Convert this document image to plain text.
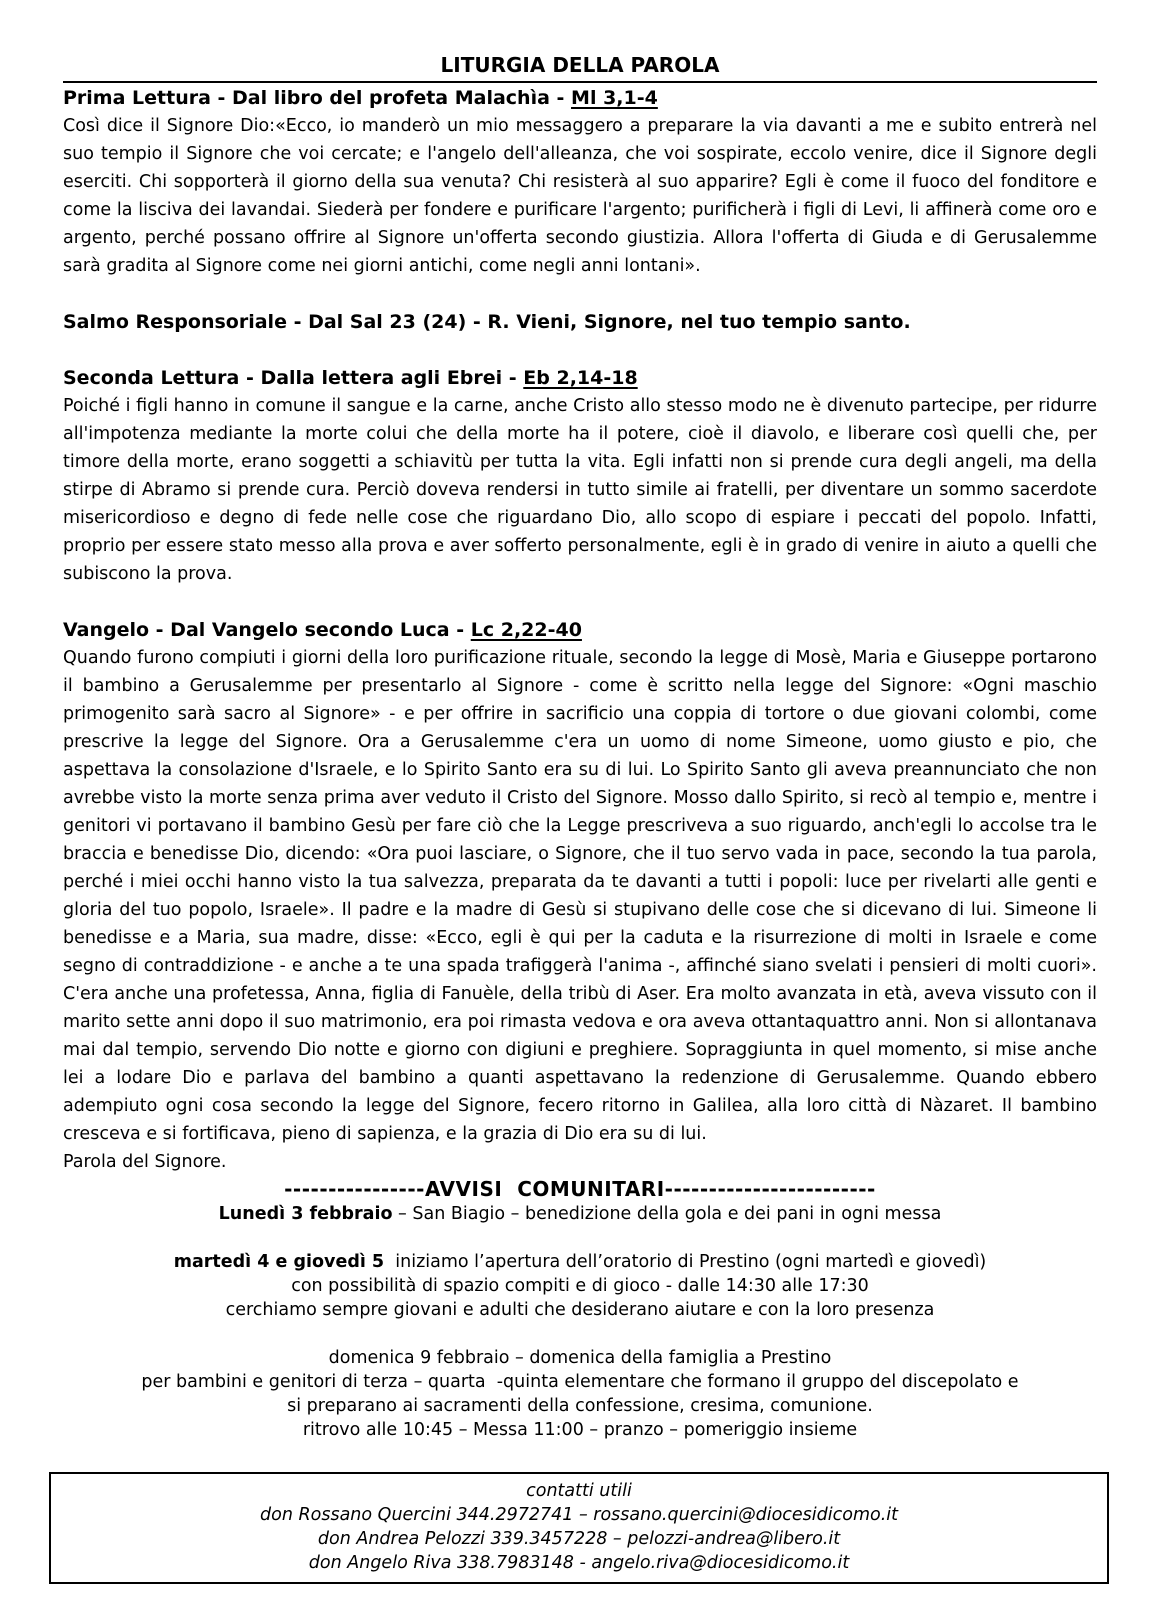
LITURGIA DELLA PAROLA
Prima Lettura - Dal libro del profeta Malachìa - Ml 3,1-4

Così dice il Signore Dio:«Ecco, io manderò un mio messaggero a preparare la via davanti a me e subito entrerà nel suo tempio il Signore che voi cercate; e l'angelo dell'alleanza, che voi sospirate, eccolo venire, dice il Signore degli eserciti. Chi sopporterà il giorno della sua venuta? Chi resisterà al suo apparire? Egli è come il fuoco del fonditore e come la lisciva dei lavandai. Siederà per fondere e purificare l'argento; purificherà i figli di Levi, li affinerà come oro e argento, perché possano offrire al Signore un'offerta secondo giustizia. Allora l'offerta di Giuda e di Gerusalemme sarà gradita al Signore come nei giorni antichi, come negli anni lontani».

Salmo Responsoriale - Dal Sal 23 (24) - R. Vieni, Signore, nel tuo tempio santo.
Seconda Lettura - Dalla lettera agli Ebrei - Eb 2,14-18

Poiché i figli hanno in comune il sangue e la carne, anche Cristo allo stesso modo ne è divenuto partecipe, per ridurre all'impotenza mediante la morte colui che della morte ha il potere, cioè il diavolo, e liberare così quelli che, per timore della morte, erano soggetti a schiavitù per tutta la vita. Egli infatti non si prende cura degli angeli, ma della stirpe di Abramo si prende cura. Perciò doveva rendersi in tutto simile ai fratelli, per diventare un sommo sacerdote misericordioso e degno di fede nelle cose che riguardano Dio, allo scopo di espiare i peccati del popolo. Infatti, proprio per essere stato messo alla prova e aver sofferto personalmente, egli è in grado di venire in aiuto a quelli che subiscono la prova.

Vangelo - Dal Vangelo secondo Luca - Lc 2,22-40

Quando furono compiuti i giorni della loro purificazione rituale, secondo la legge di Mosè, Maria e Giuseppe portarono il bambino a Gerusalemme per presentarlo al Signore - come è scritto nella legge del Signore: «Ogni maschio primogenito sarà sacro al Signore» - e per offrire in sacrificio una coppia di tortore o due giovani colombi, come prescrive la legge del Signore. Ora a Gerusalemme c'era un uomo di nome Simeone, uomo giusto e pio, che aspettava la consolazione d'Israele, e lo Spirito Santo era su di lui. Lo Spirito Santo gli aveva preannunciato che non avrebbe visto la morte senza prima aver veduto il Cristo del Signore. Mosso dallo Spirito, si recò al tempio e, mentre i genitori vi portavano il bambino Gesù per fare ciò che la Legge prescriveva a suo riguardo, anch'egli lo accolse tra le braccia e benedisse Dio, dicendo: «Ora puoi lasciare, o Signore, che il tuo servo vada in pace, secondo la tua parola, perché i miei occhi hanno visto la tua salvezza, preparata da te davanti a tutti i popoli: luce per rivelarti alle genti e gloria del tuo popolo, Israele». Il padre e la madre di Gesù si stupivano delle cose che si dicevano di lui. Simeone li benedisse e a Maria, sua madre, disse: «Ecco, egli è qui per la caduta e la risurrezione di molti in Israele e come segno di contraddizione - e anche a te una spada trafiggerà l'anima -, affinché siano svelati i pensieri di molti cuori». C'era anche una profetessa, Anna, figlia di Fanuèle, della tribù di Aser. Era molto avanzata in età, aveva vissuto con il marito sette anni dopo il suo matrimonio, era poi rimasta vedova e ora aveva ottantaquattro anni. Non si allontanava mai dal tempio, servendo Dio notte e giorno con digiuni e preghiere. Sopraggiunta in quel momento, si mise anche lei a lodare Dio e parlava del bambino a quanti aspettavano la redenzione di Gerusalemme. Quando ebbero adempiuto ogni cosa secondo la legge del Signore, fecero ritorno in Galilea, alla loro città di Nàzaret. Il bambino cresceva e si fortificava, pieno di sapienza, e la grazia di Dio era su di lui.

Parola del Signore.
----------------AVVISI  COMUNITARI------------------------
Lunedì 3 febbraio – San Biagio – benedizione della gola e dei pani in ogni messa
martedì 4 e giovedì 5  iniziamo l’apertura dell’oratorio di Prestino (ogni martedì e giovedì)
con possibilità di spazio compiti e di gioco - dalle 14:30 alle 17:30
cerchiamo sempre giovani e adulti che desiderano aiutare e con la loro presenza
domenica 9 febbraio – domenica della famiglia a Prestino
per bambini e genitori di terza – quarta  -quinta elementare che formano il gruppo del discepolato e
si preparano ai sacramenti della confessione, cresima, comunione.
ritrovo alle 10:45 – Messa 11:00 – pranzo – pomeriggio insieme
contatti utili
don Rossano Quercini 344.2972741 – rossano.quercini@diocesidicomo.it
don Andrea Pelozzi 339.3457228 – pelozzi-andrea@libero.it
don Angelo Riva 338.7983148 - angelo.riva@diocesidicomo.it
